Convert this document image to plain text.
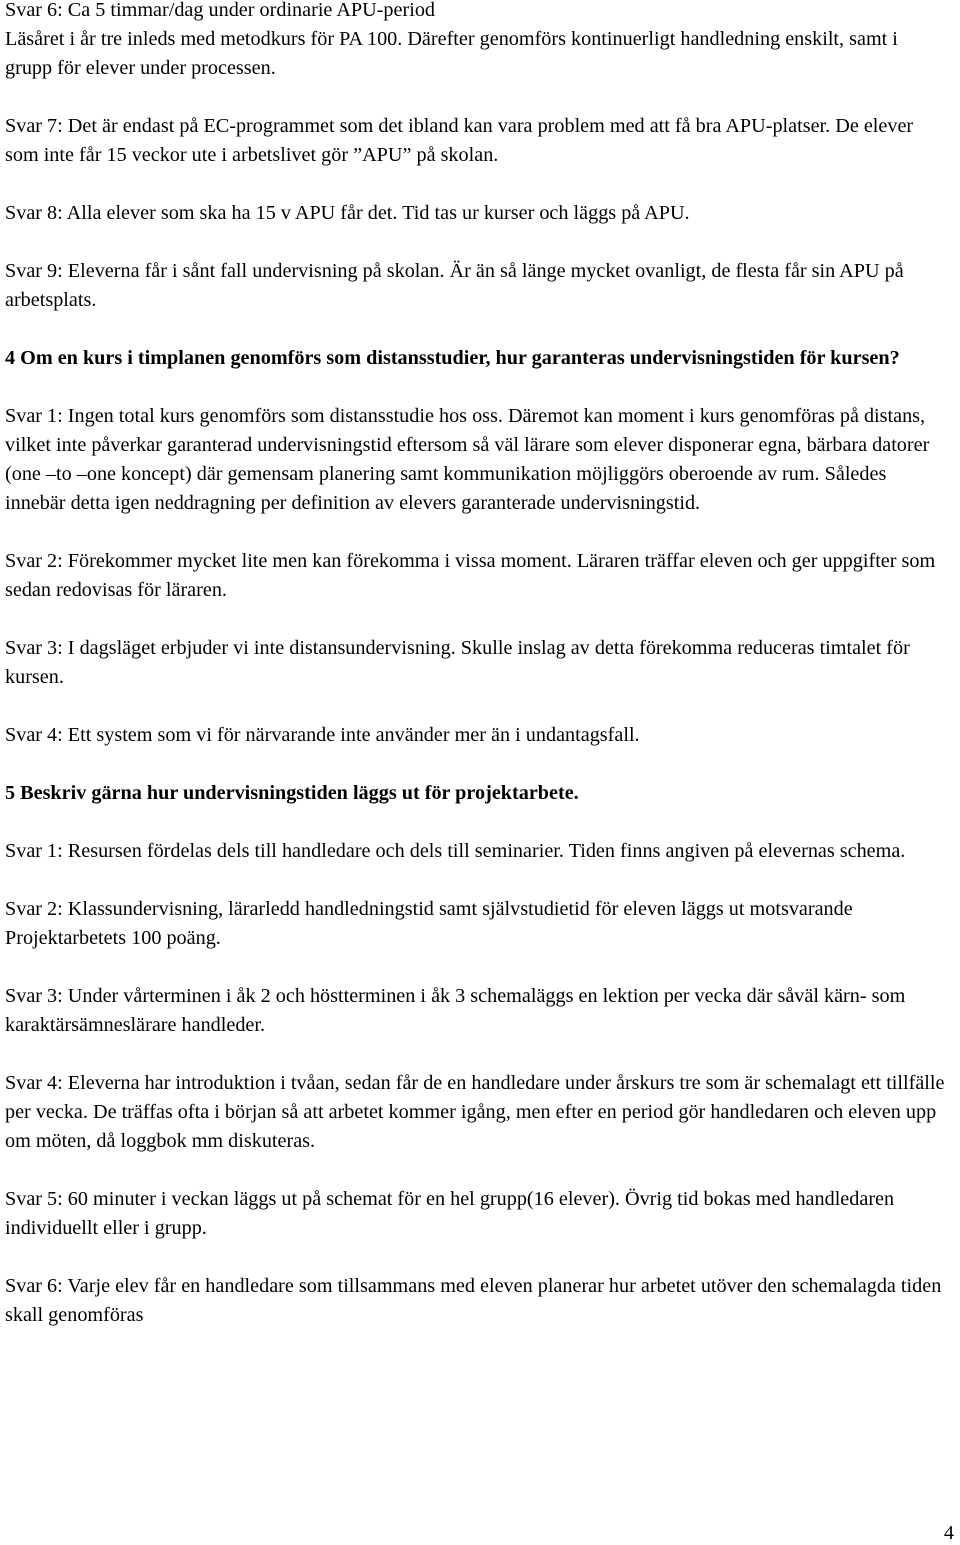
Svar 6: Ca 5 timmar/dag under ordinarie APU-period

Läsåret i år tre inleds med metodkurs för PA 100. Därefter genomförs kontinuerligt handledning enskilt, samt i grupp för elever under processen.

Svar 7: Det är endast på EC-programmet som det ibland kan vara problem med att få bra APU-platser. De elever som inte får 15 veckor ute i arbetslivet gör ”APU” på skolan.

Svar 8: Alla elever som ska ha 15 v APU får det. Tid tas ur kurser och läggs på APU.

Svar 9: Eleverna får i sånt fall undervisning på skolan. Är än så länge mycket ovanligt, de flesta får sin APU på arbetsplats.

4 Om en kurs i timplanen genomförs som distansstudier, hur garanteras undervisningstiden för kursen?

Svar 1: Ingen total kurs genomförs som distansstudie hos oss. Däremot kan moment i kurs genomföras på distans, vilket inte påverkar garanterad undervisningstid eftersom så väl lärare som elever disponerar egna, bärbara datorer (one –to –one koncept) där gemensam planering samt kommunikation möjliggörs oberoende av rum. Således innebär detta igen neddragning per definition av elevers garanterade undervisningstid.

Svar 2: Förekommer mycket lite men kan förekomma i vissa moment. Läraren träffar eleven och ger uppgifter som sedan redovisas för läraren.

Svar 3: I dagsläget erbjuder vi inte distansundervisning. Skulle inslag av detta förekomma reduceras timtalet för kursen.

Svar 4: Ett system som vi för närvarande inte använder mer än i undantagsfall.

5 Beskriv gärna hur undervisningstiden läggs ut för projektarbete.

Svar 1: Resursen fördelas dels till handledare och dels till seminarier. Tiden finns angiven på elevernas schema.

Svar 2: Klassundervisning, lärarledd handledningstid samt självstudietid för eleven läggs ut motsvarande Projektarbetets 100 poäng.

Svar 3: Under vårterminen i åk 2 och höstterminen i åk 3 schemaläggs en lektion per vecka där såväl kärn- som karaktärsämneslärare handleder.

Svar 4: Eleverna har introduktion i tvåan, sedan får de en handledare under årskurs tre som är schemalagt ett tillfälle per vecka. De träffas ofta i början så att arbetet kommer igång, men efter en period gör handledaren och eleven upp om möten, då loggbok mm diskuteras.

Svar 5: 60 minuter i veckan läggs ut på schemat för en hel grupp(16 elever). Övrig tid bokas med handledaren individuellt eller i grupp.

Svar 6: Varje elev får en handledare som tillsammans med eleven planerar hur arbetet utöver den schemalagda tiden skall genomföras

4
